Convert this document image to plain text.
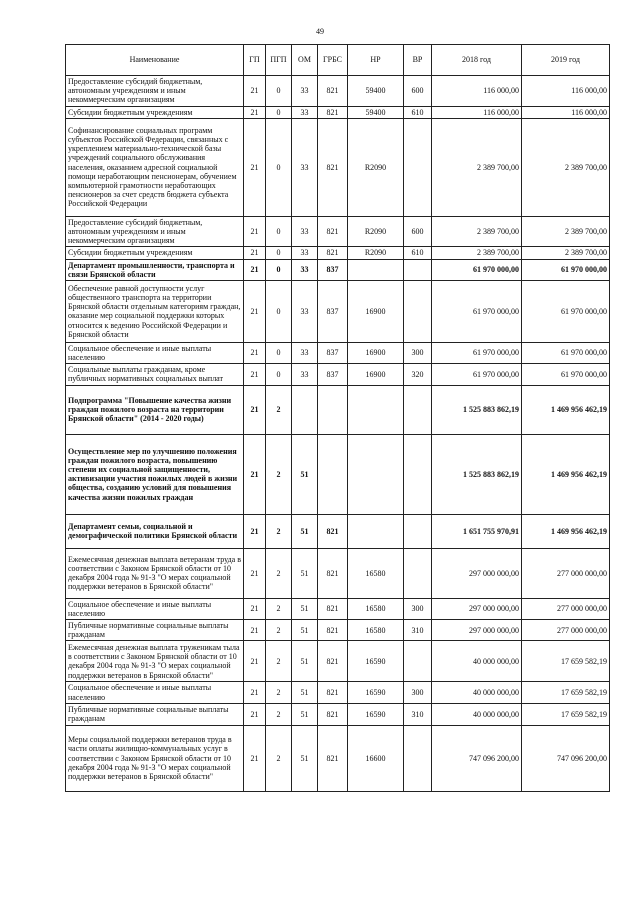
49
Наименование	ГП	ПГП	ОМ	ГРБС	НР	ВР	2018 год	2019 год
Предоставление субсидий бюджетным, автономным учреждениям и иным некоммерческим организациям	21	0	33	821	59400	600	116 000,00	116 000,00
Субсидии бюджетным учреждениям	21	0	33	821	59400	610	116 000,00	116 000,00
Софинансирование социальных программ субъектов Российской Федерации, связанных с укреплением материально-технической базы учреждений социального обслуживания населения, оказанием адресной социальной помощи неработающим пенсионерам, обучением компьютерной грамотности неработающих пенсионеров за счет средств бюджета субъекта Российской Федерации	21	0	33	821	R2090		2 389 700,00	2 389 700,00
Предоставление субсидий бюджетным, автономным учреждениям и иным некоммерческим организациям	21	0	33	821	R2090	600	2 389 700,00	2 389 700,00
Субсидии бюджетным учреждениям	21	0	33	821	R2090	610	2 389 700,00	2 389 700,00
Департамент промышленности, транспорта и связи Брянской области	21	0	33	837			61 970 000,00	61 970 000,00
Обеспечение равной доступности услуг общественного транспорта на территории Брянской области отдельным категориям граждан, оказание мер социальной поддержки которых относится к ведению Российской Федерации и Брянской области	21	0	33	837	16900		61 970 000,00	61 970 000,00
Социальное обеспечение и иные выплаты населению	21	0	33	837	16900	300	61 970 000,00	61 970 000,00
Социальные выплаты гражданам, кроме публичных нормативных социальных выплат	21	0	33	837	16900	320	61 970 000,00	61 970 000,00
Подпрограмма "Повышение качества жизни граждан пожилого возраста на территории Брянской области" (2014 - 2020 годы)	21	2					1 525 883 862,19	1 469 956 462,19
Осуществление мер по улучшению положения граждан пожилого возраста, повышению степени их социальной защищенности, активизации участия пожилых людей в жизни общества, созданию условий для повышения качества жизни пожилых граждан	21	2	51				1 525 883 862,19	1 469 956 462,19
Департамент семьи, социальной и демографической политики Брянской области	21	2	51	821			1 651 755 970,91	1 469 956 462,19
Ежемесячная денежная выплата ветеранам труда в соответствии с Законом Брянской области от 10 декабря 2004 года № 91-З "О мерах социальной поддержки ветеранов в Брянской области"	21	2	51	821	16580		297 000 000,00	277 000 000,00
Социальное обеспечение и иные выплаты населению	21	2	51	821	16580	300	297 000 000,00	277 000 000,00
Публичные нормативные социальные выплаты гражданам	21	2	51	821	16580	310	297 000 000,00	277 000 000,00
Ежемесячная денежная выплата труженикам тыла в соответствии с Законом Брянской области от 10 декабря 2004 года № 91-З "О мерах социальной поддержки ветеранов в Брянской области"	21	2	51	821	16590		40 000 000,00	17 659 582,19
Социальное обеспечение и иные выплаты населению	21	2	51	821	16590	300	40 000 000,00	17 659 582,19
Публичные нормативные социальные выплаты гражданам	21	2	51	821	16590	310	40 000 000,00	17 659 582,19
Меры социальной поддержки ветеранов труда в части оплаты жилищно-коммунальных услуг в соответствии с Законом Брянской области от 10 декабря 2004 года № 91-З "О мерах социальной поддержки ветеранов в Брянской области"	21	2	51	821	16600		747 096 200,00	747 096 200,00
